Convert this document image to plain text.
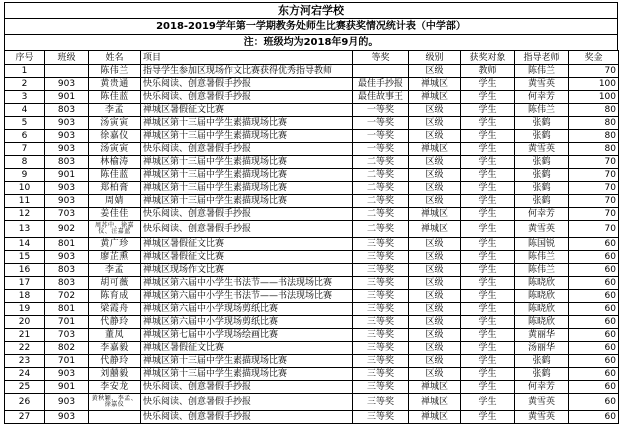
东方河宕学校
2018-2019学年第一学期教务处师生比赛获奖情况统计表（中学部）
注：班级均为2018年9月的。
序号	班级	姓名	项目	等奖	级别	获奖对象	指导老师	奖金
1		陈伟兰	指导学生参加区现场作文比赛获得优秀指导教师		区级	教师	陈伟兰	70
2	903	黄贵通	快乐阅读、创意暑假手抄报	最佳手抄报	禅城区	学生	黄雪英	100
3	901	陈佳蓝	快乐阅读、创意暑假手抄报	最佳故事王	禅城区	学生	何幸芳	100
4	803	李孟	禅城区暑假征文比赛	一等奖	区级	学生	陈伟兰	80
5	903	汤寅寅	禅城区第十三届中学生素描现场比赛	一等奖	区级	学生	张鹤	80
6	903	徐嘉仪	禅城区第十三届中学生素描现场比赛	一等奖	区级	学生	张鹤	80
7	903	汤寅寅	快乐阅读、创意暑假手抄报	一等奖	禅城区	学生	黄雪英	80
8	803	林榆涛	禅城区第十三届中学生素描现场比赛	二等奖	区级	学生	张鹤	70
9	901	陈佳蓝	禅城区第十三届中学生素描现场比赛	二等奖	区级	学生	张鹤	70
10	903	郑柏膏	禅城区第十三届中学生素描现场比赛	二等奖	区级	学生	张鹤	70
11	903	周婧	禅城区第十三届中学生素描现场比赛	二等奖	区级	学生	张鹤	70
12	703	姜佳佳	快乐阅读、创意暑假手抄报	二等奖	禅城区	学生	何幸芳	70
13	902	周苏中、徐嘉仪、汪嘉蓝	快乐阅读、创意暑假手抄报	二等奖	禅城区	学生	黄雪英	70
14	801	黄广珍	禅城区暑假征文比赛	三等奖	区级	学生	陈国锐	60
15	903	廖芷熏	禅城区暑假征文比赛	三等奖	区级	学生	陈伟兰	60
16	803	李孟	禅城区现场作文比赛	三等奖	区级	学生	陈伟兰	60
17	803	胡可薇	禅城区第六届中小学生书法节——书法现场比赛	三等奖	区级	学生	陈晓欣	60
18	702	陈育成	禅城区第六届中小学生书法节——书法现场比赛	三等奖	区级	学生	陈晓欣	60
19	801	梁霞舟	禅城区第六届中小学现场剪纸比赛	三等奖	区级	学生	陈晓欣	60
20	701	代静玲	禅城区第六届中小学现场剪纸比赛	三等奖	区级	学生	陈晓欣	60
21	703	董凤	禅城区第七届中小学现场绘画比赛	三等奖	区级	学生	黄丽华	60
22	802	李嘉毅	禅城区暑假征文比赛	三等奖	区级	学生	汤丽华	60
23	701	代静玲	禅城区第十三届中学生素描现场比赛	三等奖	区级	学生	张鹤	60
24	903	刘囍毅	禅城区第十三届中学生素描现场比赛	三等奖	区级	学生	张鹤	60
25	901	李安龙	快乐阅读、创意暑假手抄报	三等奖	禅城区	学生	何幸芳	60
26	903	黄秋颖、李孟、徐嘉仪	快乐阅读、创意暑假手抄报	三等奖	禅城区	学生	黄雪英	60
27	903		快乐阅读、创意暑假手抄报	三等奖	禅城区	学生	黄雪英	60
